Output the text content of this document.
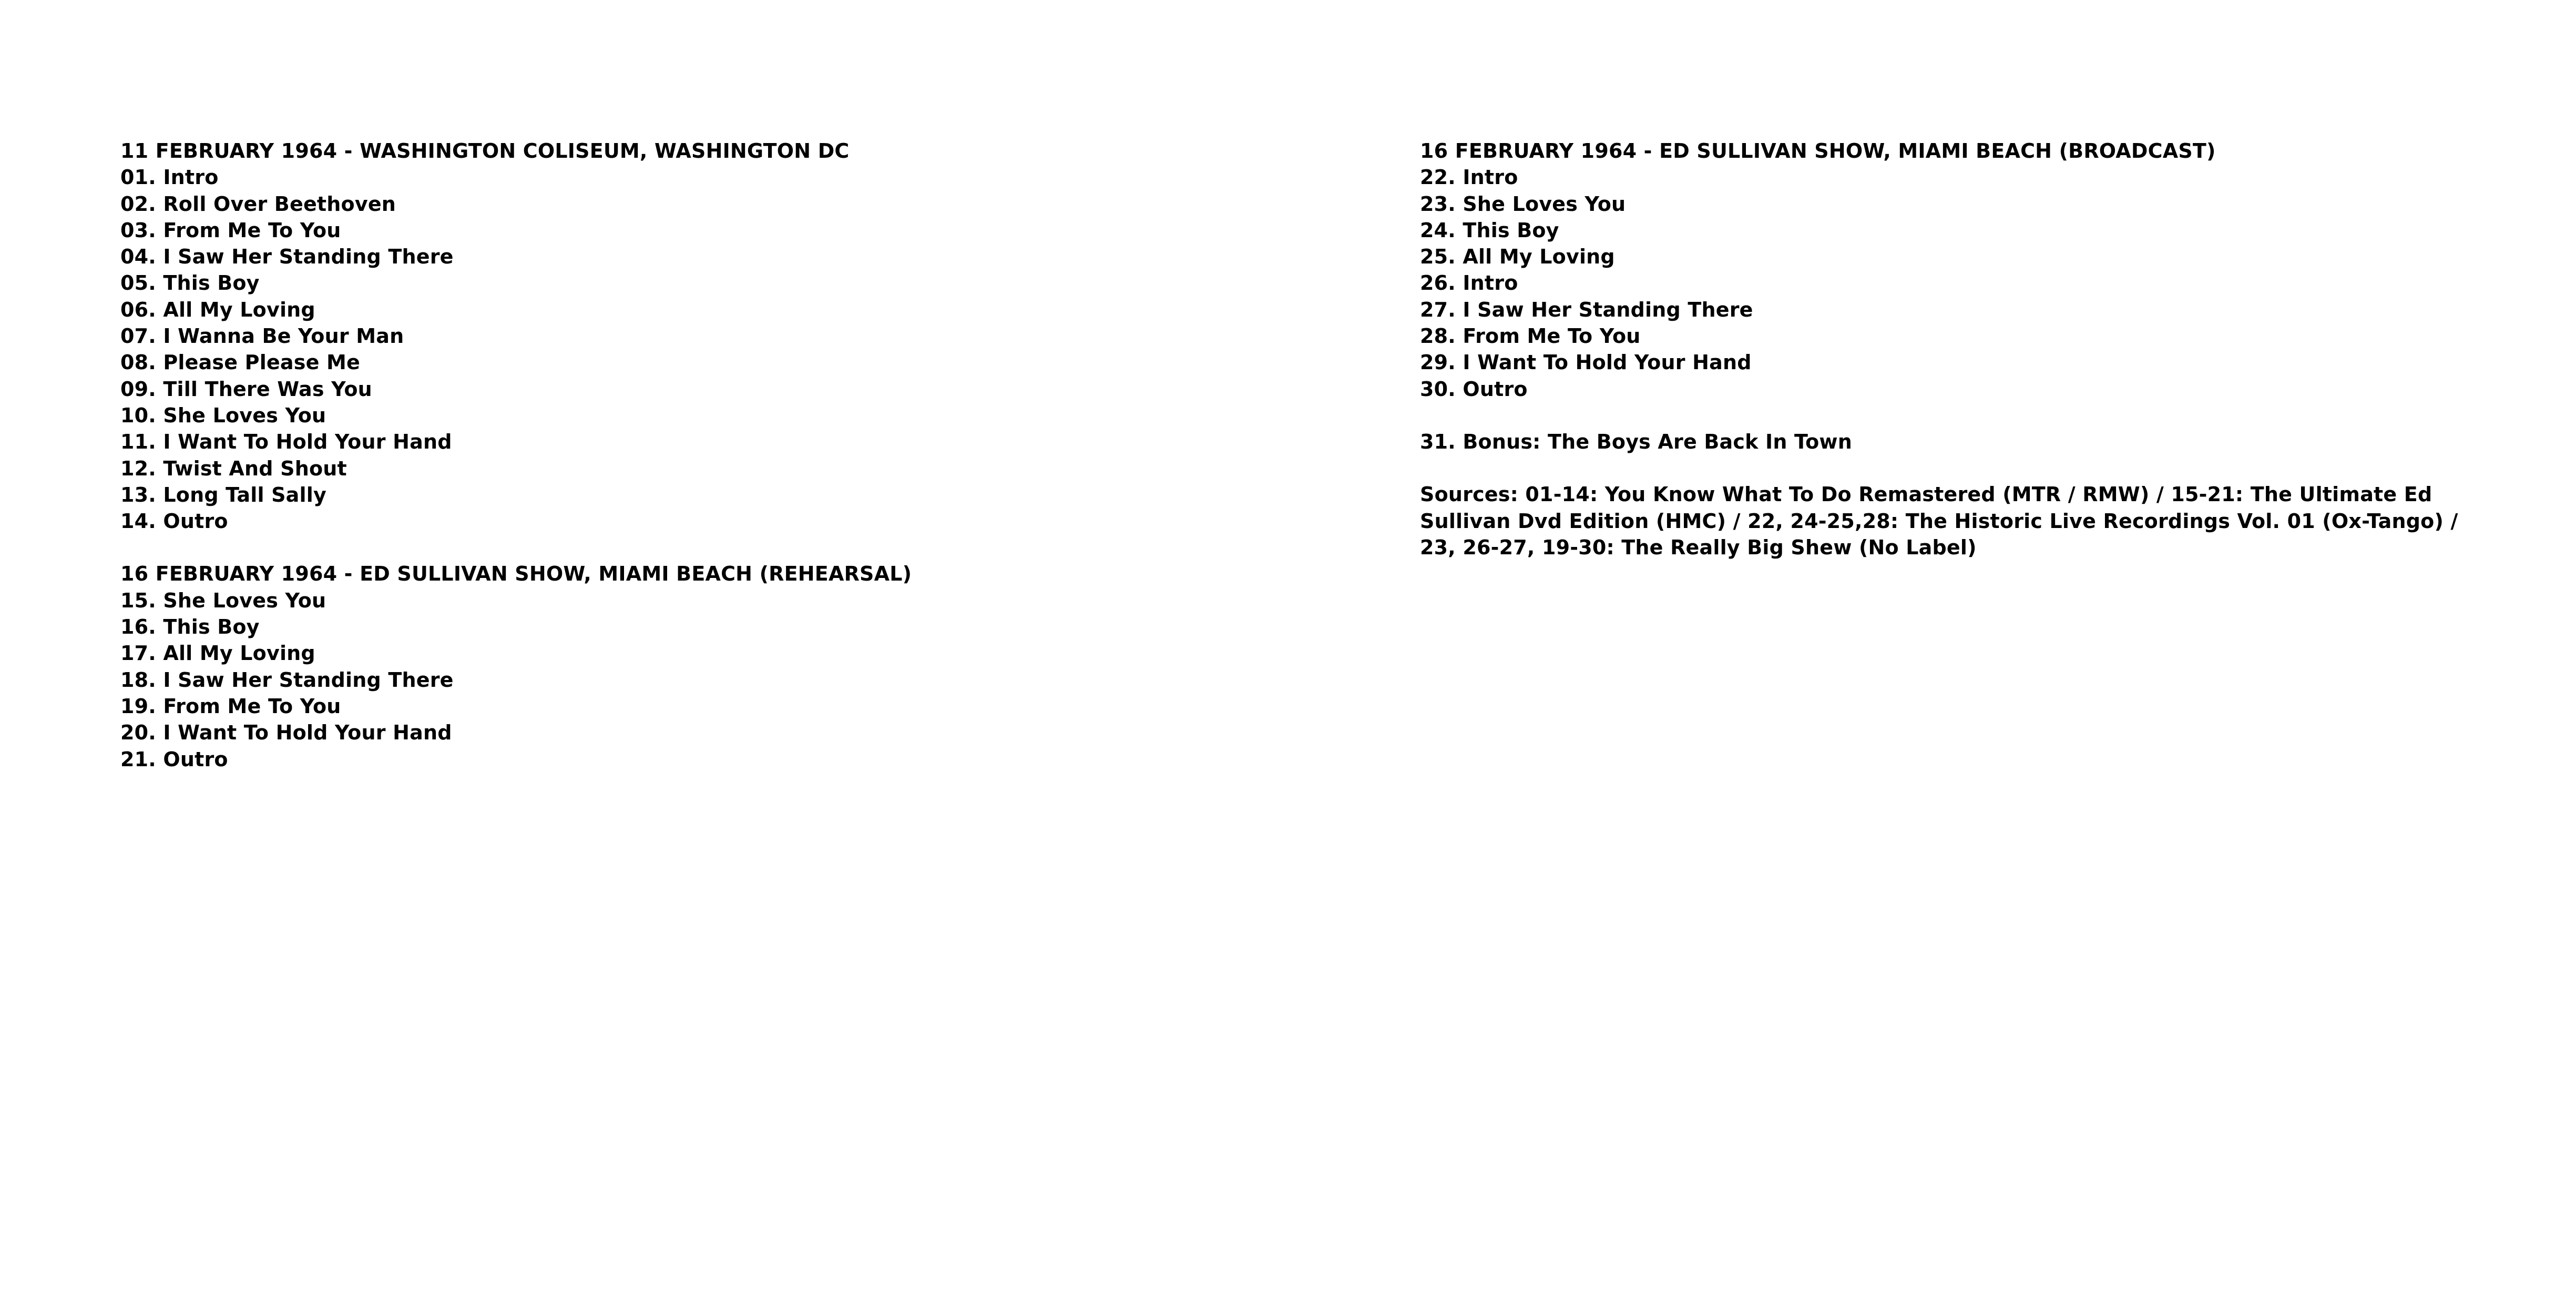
11 FEBRUARY 1964 - WASHINGTON COLISEUM, WASHINGTON DC
01. Intro
02. Roll Over Beethoven
03. From Me To You
04. I Saw Her Standing There
05. This Boy
06. All My Loving
07. I Wanna Be Your Man
08. Please Please Me
09. Till There Was You
10. She Loves You
11. I Want To Hold Your Hand
12. Twist And Shout
13. Long Tall Sally
14. Outro
16 FEBRUARY 1964 - ED SULLIVAN SHOW, MIAMI BEACH (REHEARSAL)
15. She Loves You
16. This Boy
17. All My Loving
18. I Saw Her Standing There
19. From Me To You
20. I Want To Hold Your Hand
21. Outro
16 FEBRUARY 1964 - ED SULLIVAN SHOW, MIAMI BEACH (BROADCAST)
22. Intro
23. She Loves You
24. This Boy
25. All My Loving
26. Intro
27. I Saw Her Standing There
28. From Me To You
29. I Want To Hold Your Hand
30. Outro
31. Bonus: The Boys Are Back In Town
Sources: 01-14: You Know What To Do Remastered (MTR / RMW) / 15-21: The Ultimate Ed Sullivan Dvd Edition (HMC) / 22, 24-25,28: The Historic Live Recordings Vol. 01 (Ox-Tango) / 23, 26-27, 19-30: The Really Big Shew (No Label)
